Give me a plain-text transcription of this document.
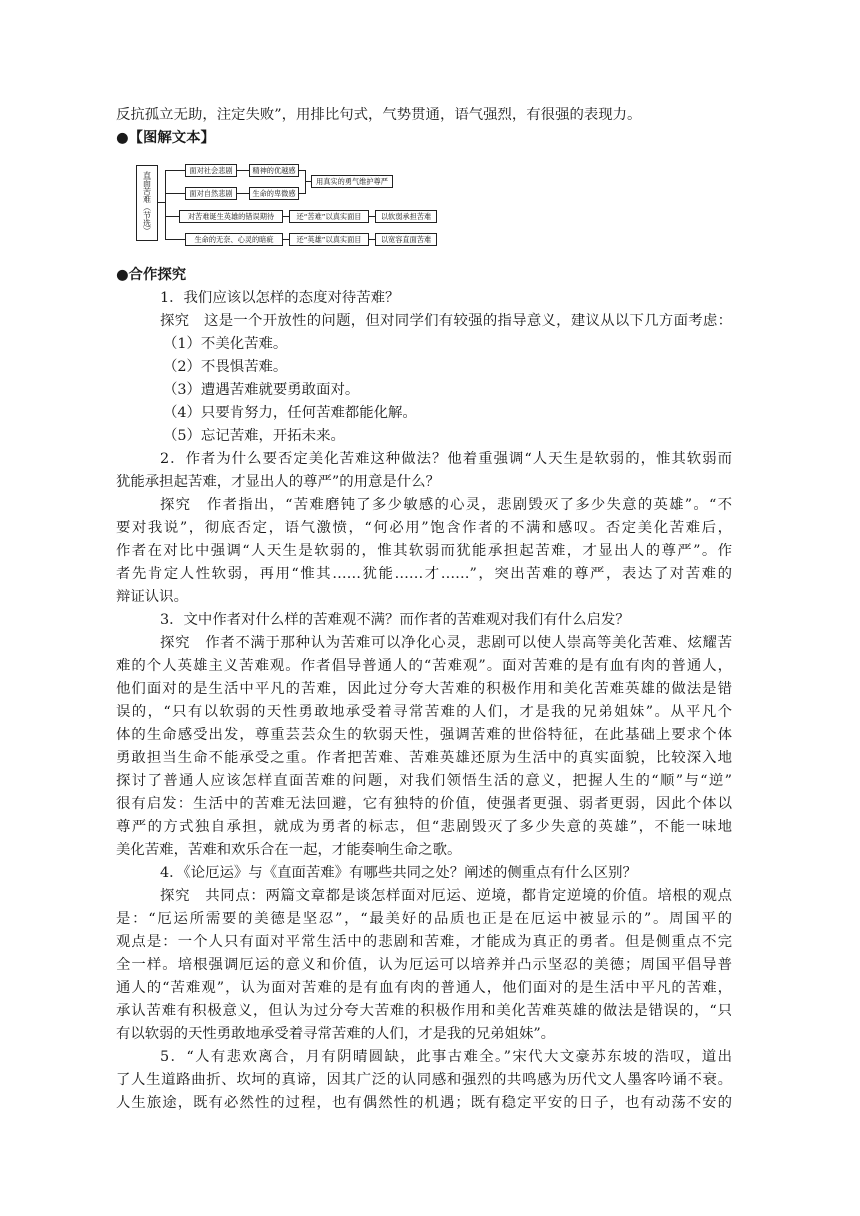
反抗孤立无助，注定失败”，用排比句式，气势贯通，语气强烈，有很强的表现力。
●【图解文本】
直面苦难（节选）
面对社会悲剧	精神的优越感
面对自然悲剧	生命的卑微感
用真实的勇气维护尊严
对苦难诞生英雄的错误期待	还“苦难”以真实面目	以软弱承担苦难
生命的无奈、心灵的暗疵	还“英雄”以真实面目	以宽容直面苦难
●合作探究
1．我们应该以怎样的态度对待苦难？
探究　这是一个开放性的问题，但对同学们有较强的指导意义，建议从以下几方面考虑：
（1）不美化苦难。
（2）不畏惧苦难。
（3）遭遇苦难就要勇敢面对。
（4）只要肯努力，任何苦难都能化解。
（5）忘记苦难，开拓未来。
2．作者为什么要否定美化苦难这种做法？他着重强调“人天生是软弱的，惟其软弱而
犹能承担起苦难，才显出人的尊严”的用意是什么？
探究　作者指出，“苦难磨钝了多少敏感的心灵，悲剧毁灭了多少失意的英雄”。“不
要对我说”，彻底否定，语气激愤，“何必用”饱含作者的不满和感叹。否定美化苦难后，
作者在对比中强调“人天生是软弱的，惟其软弱而犹能承担起苦难，才显出人的尊严”。作
者先肯定人性软弱，再用“惟其……犹能……才……”，突出苦难的尊严，表达了对苦难的
辩证认识。
3．文中作者对什么样的苦难观不满？而作者的苦难观对我们有什么启发？
探究　作者不满于那种认为苦难可以净化心灵，悲剧可以使人崇高等美化苦难、炫耀苦
难的个人英雄主义苦难观。作者倡导普通人的“苦难观”。面对苦难的是有血有肉的普通人，
他们面对的是生活中平凡的苦难，因此过分夸大苦难的积极作用和美化苦难英雄的做法是错
误的，“只有以软弱的天性勇敢地承受着寻常苦难的人们，才是我的兄弟姐妹”。从平凡个
体的生命感受出发，尊重芸芸众生的软弱天性，强调苦难的世俗特征，在此基础上要求个体
勇敢担当生命不能承受之重。作者把苦难、苦难英雄还原为生活中的真实面貌，比较深入地
探讨了普通人应该怎样直面苦难的问题，对我们领悟生活的意义，把握人生的“顺”与“逆”
很有启发：生活中的苦难无法回避，它有独特的价值，使强者更强、弱者更弱，因此个体以
尊严的方式独自承担，就成为勇者的标志，但“悲剧毁灭了多少失意的英雄”，不能一味地
美化苦难，苦难和欢乐合在一起，才能奏响生命之歌。
4．《论厄运》与《直面苦难》有哪些共同之处？阐述的侧重点有什么区别？
探究　共同点：两篇文章都是谈怎样面对厄运、逆境，都肯定逆境的价值。培根的观点
是：“厄运所需要的美德是坚忍”，“最美好的品质也正是在厄运中被显示的”。周国平的
观点是：一个人只有面对平常生活中的悲剧和苦难，才能成为真正的勇者。但是侧重点不完
全一样。培根强调厄运的意义和价值，认为厄运可以培养并凸示坚忍的美德；周国平倡导普
通人的“苦难观”，认为面对苦难的是有血有肉的普通人，他们面对的是生活中平凡的苦难，
承认苦难有积极意义，但认为过分夸大苦难的积极作用和美化苦难英雄的做法是错误的，“只
有以软弱的天性勇敢地承受着寻常苦难的人们，才是我的兄弟姐妹”。
5．“人有悲欢离合，月有阴晴圆缺，此事古难全。”宋代大文豪苏东坡的浩叹，道出
了人生道路曲折、坎坷的真谛，因其广泛的认同感和强烈的共鸣感为历代文人墨客吟诵不衰。
人生旅途，既有必然性的过程，也有偶然性的机遇；既有稳定平安的日子，也有动荡不安的
